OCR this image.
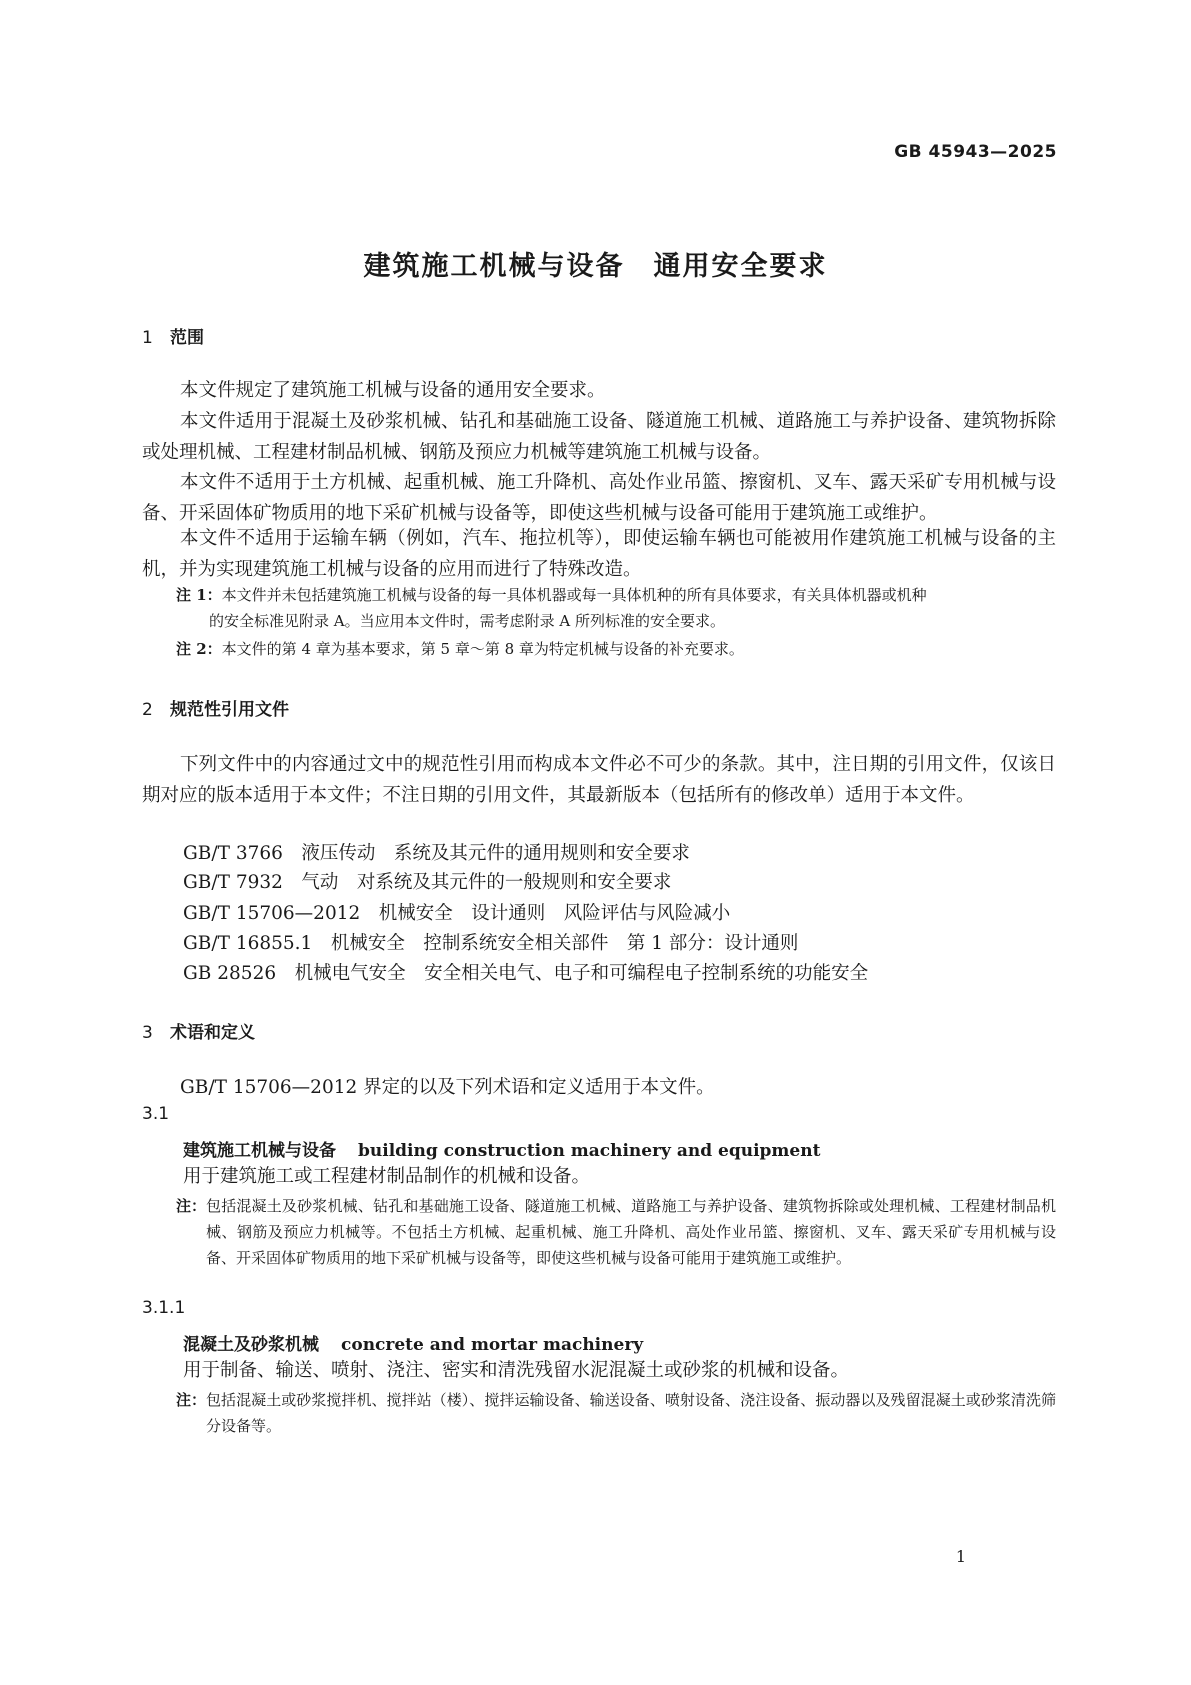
GB 45943—2025
建筑施工机械与设备　通用安全要求
1 范围
本文件规定了建筑施工机械与设备的通用安全要求。
本文件适用于混凝土及砂浆机械、钻孔和基础施工设备、隧道施工机械、道路施工与养护设备、建筑物拆除或处理机械、工程建材制品机械、钢筋及预应力机械等建筑施工机械与设备。
本文件不适用于土方机械、起重机械、施工升降机、高处作业吊篮、擦窗机、叉车、露天采矿专用机械与设备、开采固体矿物质用的地下采矿机械与设备等，即使这些机械与设备可能用于建筑施工或维护。
本文件不适用于运输车辆（例如，汽车、拖拉机等），即使运输车辆也可能被用作建筑施工机械与设备的主机，并为实现建筑施工机械与设备的应用而进行了特殊改造。
注 1：本文件并未包括建筑施工机械与设备的每一具体机器或每一具体机种的所有具体要求，有关具体机器或机种
的安全标准见附录 A。当应用本文件时，需考虑附录 A 所列标准的安全要求。
注 2：本文件的第 4 章为基本要求，第 5 章～第 8 章为特定机械与设备的补充要求。
2 规范性引用文件
下列文件中的内容通过文中的规范性引用而构成本文件必不可少的条款。其中，注日期的引用文件，仅该日期对应的版本适用于本文件；不注日期的引用文件，其最新版本（包括所有的修改单）适用于本文件。
GB/T 3766　液压传动　系统及其元件的通用规则和安全要求
GB/T 7932　气动　对系统及其元件的一般规则和安全要求
GB/T 15706—2012　机械安全　设计通则　风险评估与风险减小
GB/T 16855.1　机械安全　控制系统安全相关部件　第 1 部分：设计通则
GB 28526　机械电气安全　安全相关电气、电子和可编程电子控制系统的功能安全
3 术语和定义
GB/T 15706—2012 界定的以及下列术语和定义适用于本文件。
3.1
建筑施工机械与设备 building construction machinery and equipment
用于建筑施工或工程建材制品制作的机械和设备。
注： 包括混凝土及砂浆机械、钻孔和基础施工设备、隧道施工机械、道路施工与养护设备、建筑物拆除或处理机械、工程建材制品机械、钢筋及预应力机械等。不包括土方机械、起重机械、施工升降机、高处作业吊篮、擦窗机、叉车、露天采矿专用机械与设备、开采固体矿物质用的地下采矿机械与设备等，即使这些机械与设备可能用于建筑施工或维护。
3.1.1
混凝土及砂浆机械 concrete and mortar machinery
用于制备、输送、喷射、浇注、密实和清洗残留水泥混凝土或砂浆的机械和设备。
注： 包括混凝土或砂浆搅拌机、搅拌站（楼）、搅拌运输设备、输送设备、喷射设备、浇注设备、振动器以及残留混凝土或砂浆清洗筛分设备等。
1
